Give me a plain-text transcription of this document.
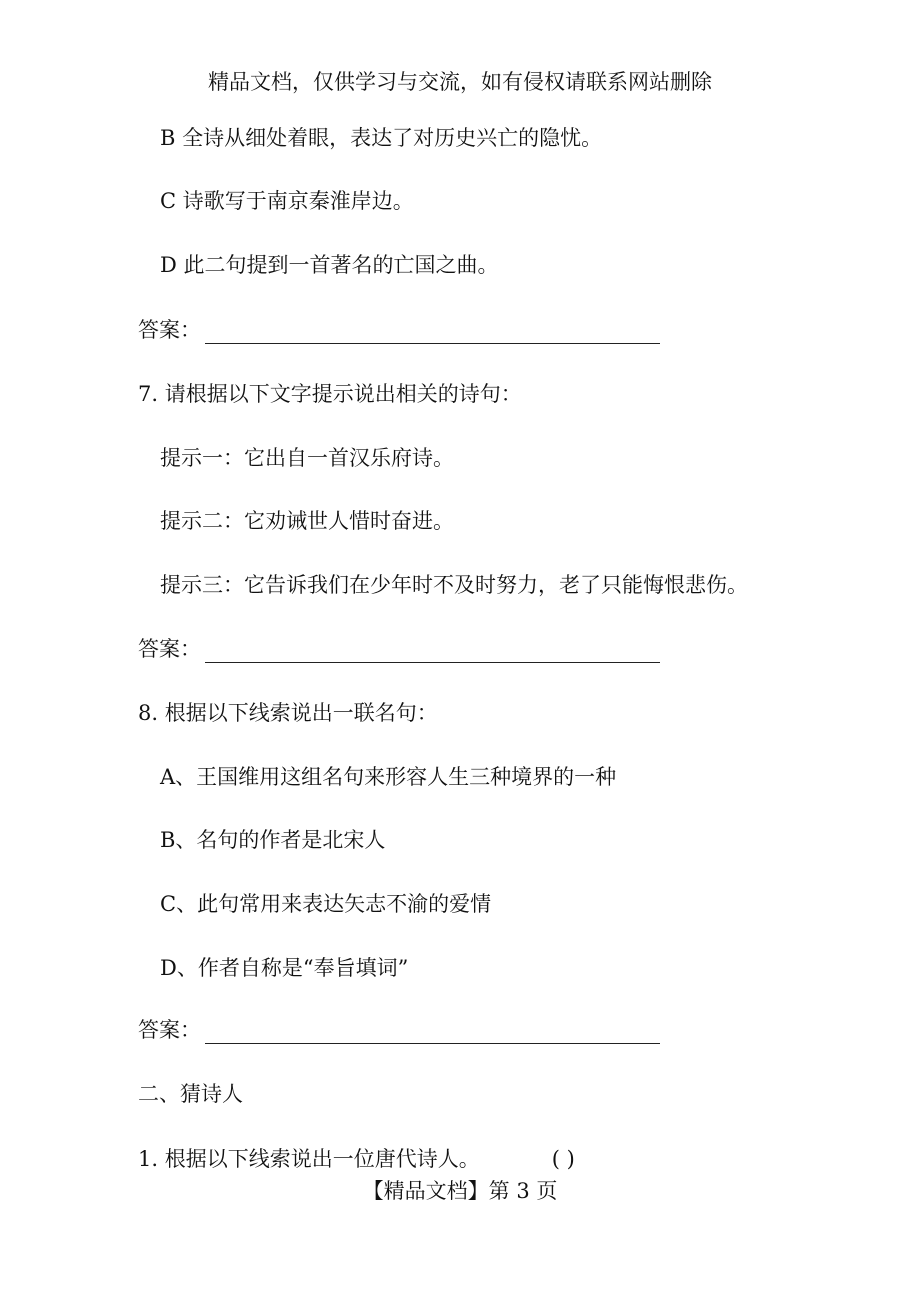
精品文档，仅供学习与交流，如有侵权请联系网站删除
B 全诗从细处着眼，表达了对历史兴亡的隐忧。
C 诗歌写于南京秦淮岸边。
D 此二句提到一首著名的亡国之曲。
答案：
7. 请根据以下文字提示说出相关的诗句：
提示一：它出自一首汉乐府诗。
提示二：它劝诫世人惜时奋进。
提示三：它告诉我们在少年时不及时努力，老了只能悔恨悲伤。
答案：
8. 根据以下线索说出一联名句：
A、王国维用这组名句来形容人生三种境界的一种
B、名句的作者是北宋人
C、此句常用来表达矢志不渝的爱情
D、作者自称是“奉旨填词”
答案：
二、猜诗人
1. 根据以下线索说出一位唐代诗人。	( )
【精品文档】第 3 页
